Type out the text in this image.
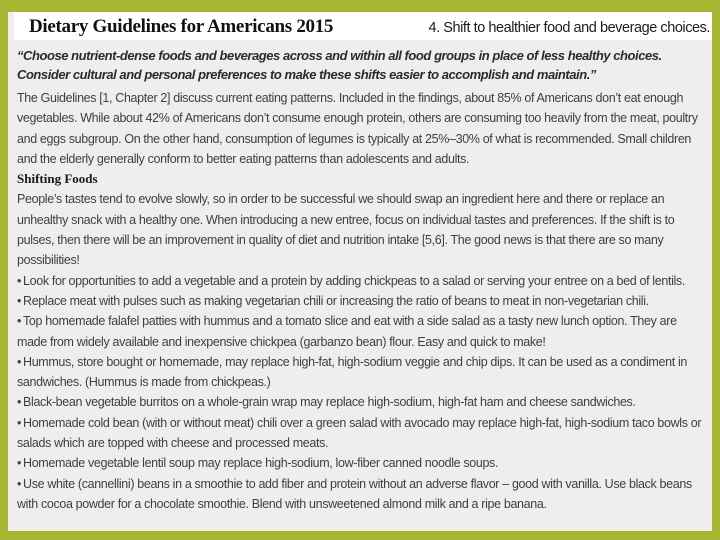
Dietary Guidelines for Americans 2015	4. Shift to healthier food and beverage choices.
“Choose nutrient-dense foods and beverages across and within all food groups in place of less healthy choices. Consider cultural and personal preferences to make these shifts easier to accomplish and maintain.”

The Guidelines [1, Chapter 2] discuss current eating patterns. Included in the findings, about 85% of Americans don’t eat enough vegetables. While about 42% of Americans don’t consume enough protein, others are consuming too heavily from the meat, poultry and eggs subgroup. On the other hand, consumption of legumes is typically at 25%–30% of what is recommended. Small children and the elderly generally conform to better eating patterns than adolescents and adults.

Shifting Foods

People’s tastes tend to evolve slowly, so in order to be successful we should swap an ingredient here and there or replace an unhealthy snack with a healthy one. When introducing a new entree, focus on individual tastes and preferences. If the shift is to pulses, then there will be an improvement in quality of diet and nutrition intake [5,6]. The good news is that there are so many possibilities!

• Look for opportunities to add a vegetable and a protein by adding chickpeas to a salad or serving your entree on a bed of lentils.

• Replace meat with pulses such as making vegetarian chili or increasing the ratio of beans to meat in non-vegetarian chili.

• Top homemade falafel patties with hummus and a tomato slice and eat with a side salad as a tasty new lunch option. They are made from widely available and inexpensive chickpea (garbanzo bean) flour. Easy and quick to make!

• Hummus, store bought or homemade, may replace high-fat, high-sodium veggie and chip dips. It can be used as a condiment in sandwiches. (Hummus is made from chickpeas.)

• Black-bean vegetable burritos on a whole-grain wrap may replace high-sodium, high-fat ham and cheese sandwiches.

• Homemade cold bean (with or without meat) chili over a green salad with avocado may replace high-fat, high-sodium taco bowls or salads which are topped with cheese and processed meats.

• Homemade vegetable lentil soup may replace high-sodium, low-fiber canned noodle soups.

• Use white (cannellini) beans in a smoothie to add fiber and protein without an adverse flavor – good with vanilla. Use black beans with cocoa powder for a chocolate smoothie. Blend with unsweetened almond milk and a ripe banana.
